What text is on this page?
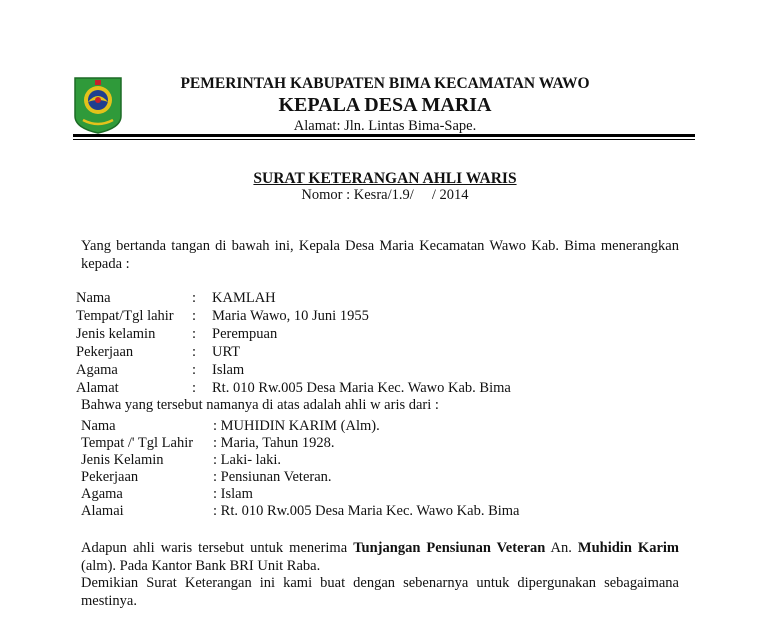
PEMERINTAH KABUPATEN BIMA KECAMATAN WAWO
KEPALA DESA MARIA
Alamat: Jln. Lintas Bima-Sape.
SURAT KETERANGAN AHLI WARIS
Nomor : Kesra/1.9/     / 2014
Yang bertanda tangan di bawah ini, Kepala Desa Maria Kecamatan Wawo Kab. Bima menerangkan kepada :
Nama	: KAMLAH
Tempat/Tgl lahir : Maria Wawo, 10 Juni 1955
Jenis kelamin	: Perempuan
Pekerjaan	: URT
Agama	: Islam
Alamat	: Rt. 010 Rw.005 Desa Maria Kec. Wawo Kab. Bima
Bahwa yang tersebut namanya di atas adalah ahli w aris dari :
Nama	: MUHIDIN KARIM (Alm).
Tempat /' Tgl Lahir : Maria, Tahun 1928.
Jenis Kelamin	: Laki- laki.
Pekerjaan	: Pensiunan Veteran.
Agama	: Islam
Alamai	: Rt. 010 Rw.005 Desa Maria Kec. Wawo Kab. Bima
Adapun ahli waris tersebut untuk menerima Tunjangan Pensiunan Veteran An. Muhidin Karim (alm). Pada Kantor Bank BRI Unit Raba.
Demikian Surat Keterangan ini kami buat dengan sebenarnya untuk dipergunakan sebagaimana mestinya.
